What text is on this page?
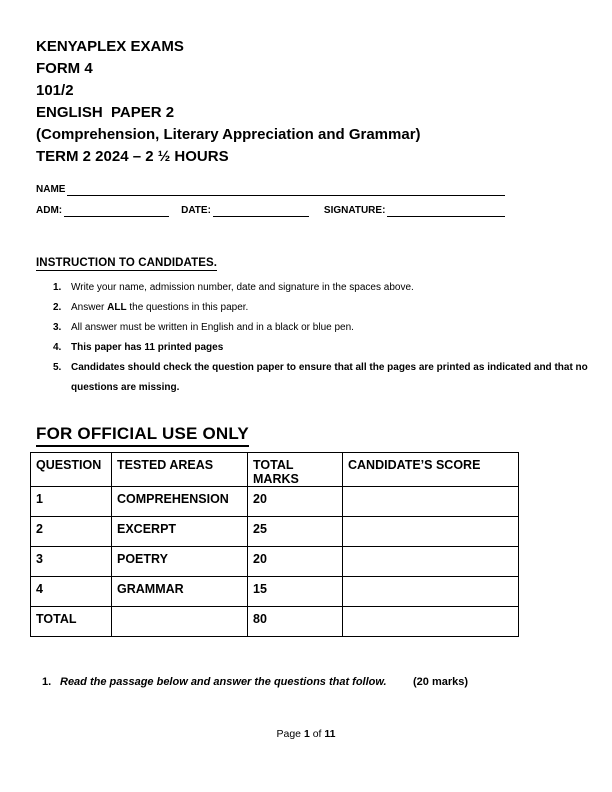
KENYAPLEX EXAMS
FORM 4
101/2
ENGLISH  PAPER 2
(Comprehension, Literary Appreciation and Grammar)
TERM 2 2024 – 2 ½ HOURS
NAME
ADM:	DATE:	SIGNATURE:
INSTRUCTION TO CANDIDATES.
1. Write your name, admission number, date and signature in the spaces above.
2. Answer ALL the questions in this paper.
3. All answer must be written in English and in a black or blue pen.
4. This paper has 11 printed pages
5. Candidates should check the question paper to ensure that all the pages are printed as indicated and that no
questions are missing.
FOR OFFICIAL USE ONLY
QUESTION	TESTED AREAS	TOTAL MARKS	CANDIDATE’S SCORE
1	COMPREHENSION	20	
2	EXCERPT	25	
3	POETRY	20	
4	GRAMMAR	15	
TOTAL		80	
1. Read the passage below and answer the questions that follow. (20 marks)
Page 1 of 11
